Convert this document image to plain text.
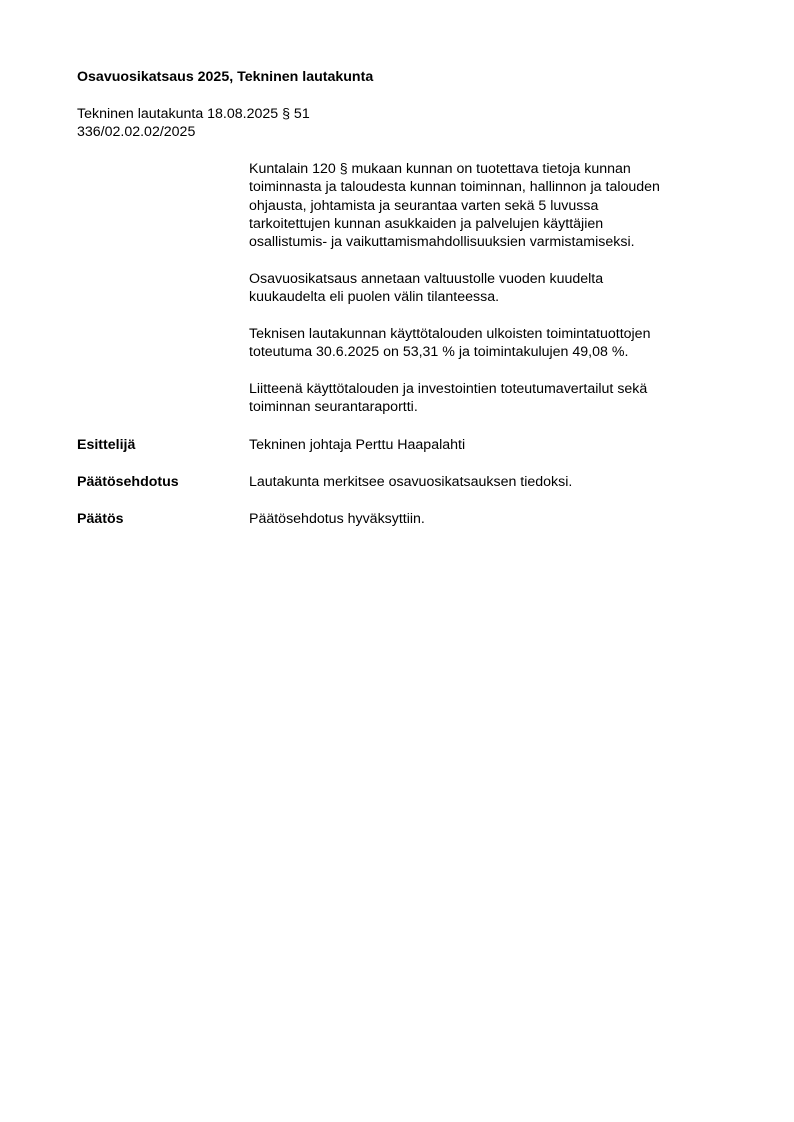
Osavuosikatsaus 2025, Tekninen lautakunta
Tekninen lautakunta 18.08.2025 § 51
336/02.02.02/2025
Kuntalain 120 § mukaan kunnan on tuotettava tietoja kunnan
toiminnasta ja taloudesta kunnan toiminnan, hallinnon ja talouden
ohjausta, johtamista ja seurantaa varten sekä 5 luvussa
tarkoitettujen kunnan asukkaiden ja palvelujen käyttäjien
osallistumis- ja vaikuttamismahdollisuuksien varmistamiseksi.
Osavuosikatsaus annetaan valtuustolle vuoden kuudelta
kuukaudelta eli puolen välin tilanteessa.
Teknisen lautakunnan käyttötalouden ulkoisten toimintatuottojen
toteutuma 30.6.2025 on 53,31 % ja toimintakulujen 49,08 %.
Liitteenä käyttötalouden ja investointien toteutumavertailut sekä
toiminnan seurantaraportti.
Esittelijä	Tekninen johtaja Perttu Haapalahti
Päätösehdotus	Lautakunta merkitsee osavuosikatsauksen tiedoksi.
Päätös	Päätösehdotus hyväksyttiin.
